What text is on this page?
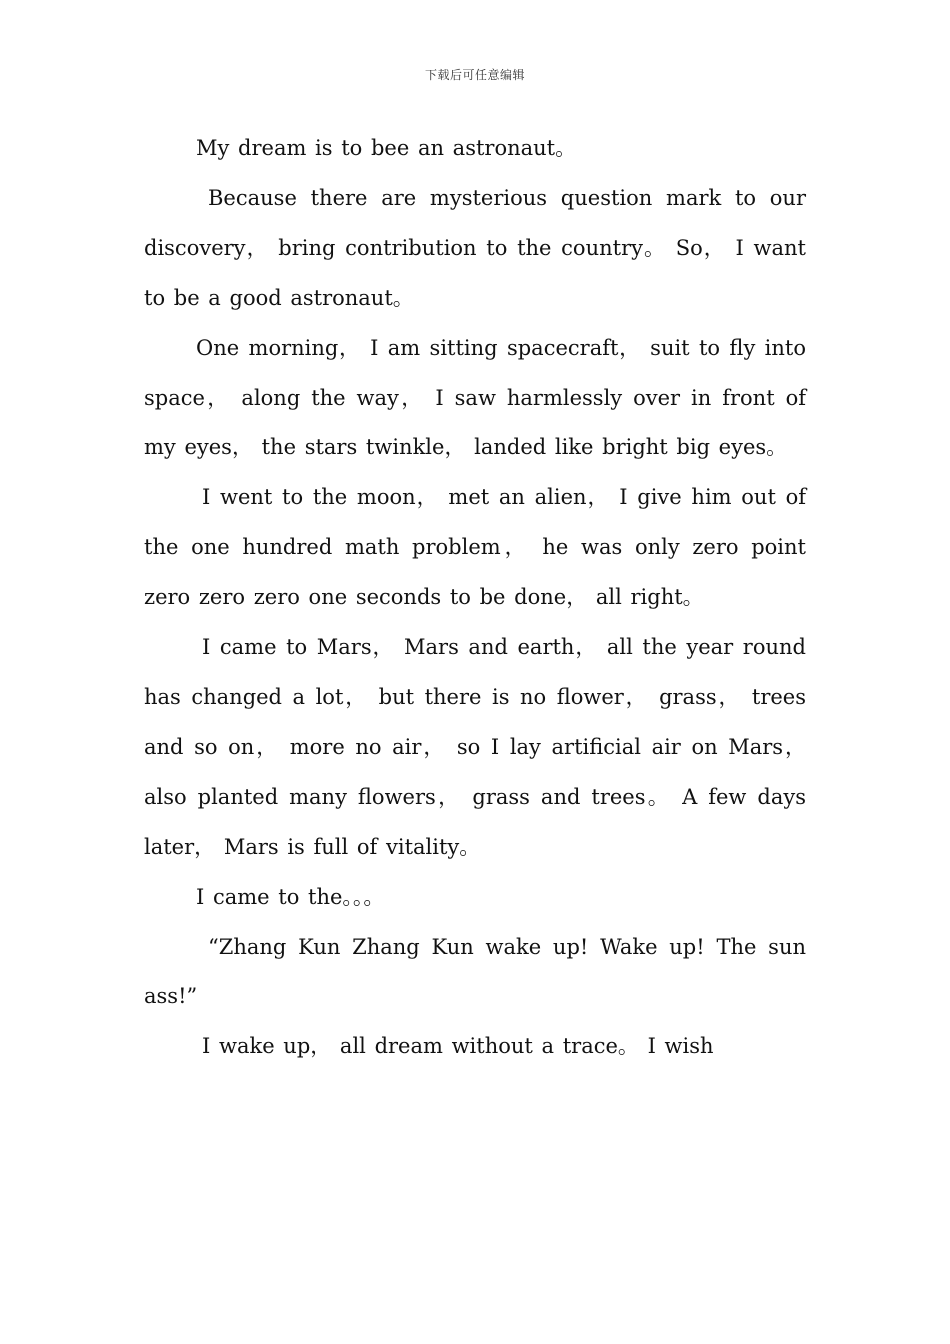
下载后可任意编辑

My dream is to bee an astronaut。

Because there are mysterious question mark to our discovery， bring contribution to the country。 So， I want to be a good astronaut。

One morning， I am sitting spacecraft， suit to fly into space， along the way， I saw harmlessly over in front of my eyes， the stars twinkle， landed like bright big eyes。

I went to the moon， met an alien， I give him out of the one hundred math problem， he was only zero point zero zero zero one seconds to be done， all right。

I came to Mars， Mars and earth， all the year round has changed a lot， but there is no flower， grass， trees and so on， more no air， so I lay artificial air on Mars， also planted many flowers， grass and trees。 A few days later， Mars is full of vitality。

I came to the。。。

“Zhang Kun Zhang Kun wake up! Wake up! The sun ass!”

I wake up， all dream without a trace。 I wish
